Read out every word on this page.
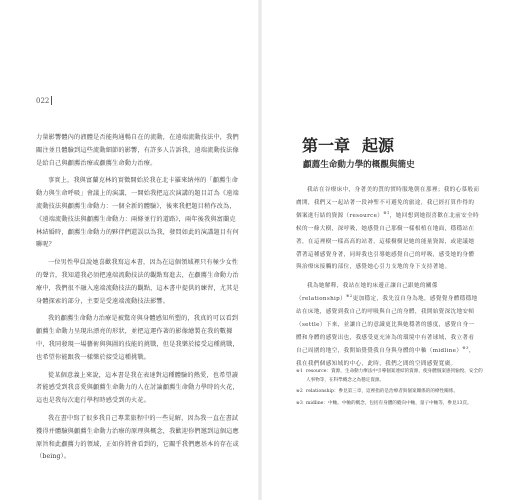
022

力量影響體內的液體是否能夠通暢自在的流動，在遠端流動技法中，我們關注並且體驗到這些流動細節的影響，有許多人告訴我，遠端流動技法像是給自己與顱薦治療或顱薦生命動力治療。

事實上，我與富蘭克林的實徵開始於我在北卡羅來納州的「顱薦生命動力與生命呼吸」會議上的演講，一開始我把這次演講的題目訂為《遠端流動技法與顱薦生命動力：一個全新的體驗》，後來我把題目稍作改為，《遠端流動技法與顱薦生命動力：兩條並行的道路》，兩年後我與富蘭克林結婚時，顱薦生命動力的夥伴們還誤以為我，發問如此的演講題目有何聯呢？

一位男性學員說她喜歡我寫這本書，因為在這個領域裡只有極少女性的聲音，我知道我必須把遠端流動技法的觀點寫進去，在顱薦生命動力治療中，我們很不融入遠端流動技法的觀點，這本書中提供的練習，尤其是身體探索的部分，主要是受遠端流動技法影響。

我的顱薦生命動力治療是被驚奇與身體感知所塑的，我真的可以看到顱薦生命動力呈現出漂亮的形狀，並把這運作著的影像繪製在我的數據中，我同發現一場藝術與與圖的技能的挑戰，但是我樂於接受這種挑戰，也希望你能跟我一樣樂於接受這種挑戰。

從某個意義上來說，這本書是我在表達對這種體驗的熱愛，也希望讀者能感受到我喜愛與顱薦生命動力的人在討論顱薦生命動力學時的火花，這也是我每次進行學程時感受到的火花。

我在書中寫了很多我自己專業旅程中的一些見解，因為我一直在書試獲得并體驗與顱薦生命動力治療的原理與概念，我歡迎你們邀到這個這應原旨和此顱薦力的領域，正如你將會看到的，它關乎我們應基本的存在或（being）。

第一章 起源
顱薦生命動力學的概觀與簡史

我站在谷療床中，身著美的質的實時服地朝在那裡；我的心慕般而膚開，我們又一起站著一段神聖不可避免的旅途，我已經打算作得的個案進行結的資源（resource）$^{※1}$，她回想到她很喜歡在北前安全時候的一條大樹，深呼吸，她感覺自己那樹一樣根植在地面，穩穩站在著，在這裡樹一樣高高的站著，這樣樹樹是她的能量資源，或建議她帶著這種感覺身著，同時我也引導她感覺自己的呼吸，感受她的身體與治療床接觸的部位，感覺她心引力支地的身下支持著她。

我為她解釋，我站在她的床邊正讓自己跟她的關係（relationship）$^{※2}$更加穩定，我先沒自身為地，感覺覺身體穩穩地站在床地，感覺到我自己的呼吸與自己的身體，我開始覺深沈地安頓（settle）下來，並讓自己的意識更比與她穩著的態度，感覺自身一體和身體的感覺出也，我感受更充沛為的環境中有著球域，我立著看自己周圍的地空，我開始覺覺我自身與身體的中軸（midline）$^{※3}$，我在我們個感知域的中心，此時，我們之間的空間感覺寬廣。

※1 resource：資源，生命動力療法中引導個案連結的資源，使身體個案感到愉悅、安全的人事物等，在科學概念之為穩定資源。
※2 relationship：參見第三章，這裡指的是治療者與個案關係的的療性關係。
※3 midline：中軸。中軸的概念，包括有身體的縱向中軸，量子中軸等，參見13頁。
